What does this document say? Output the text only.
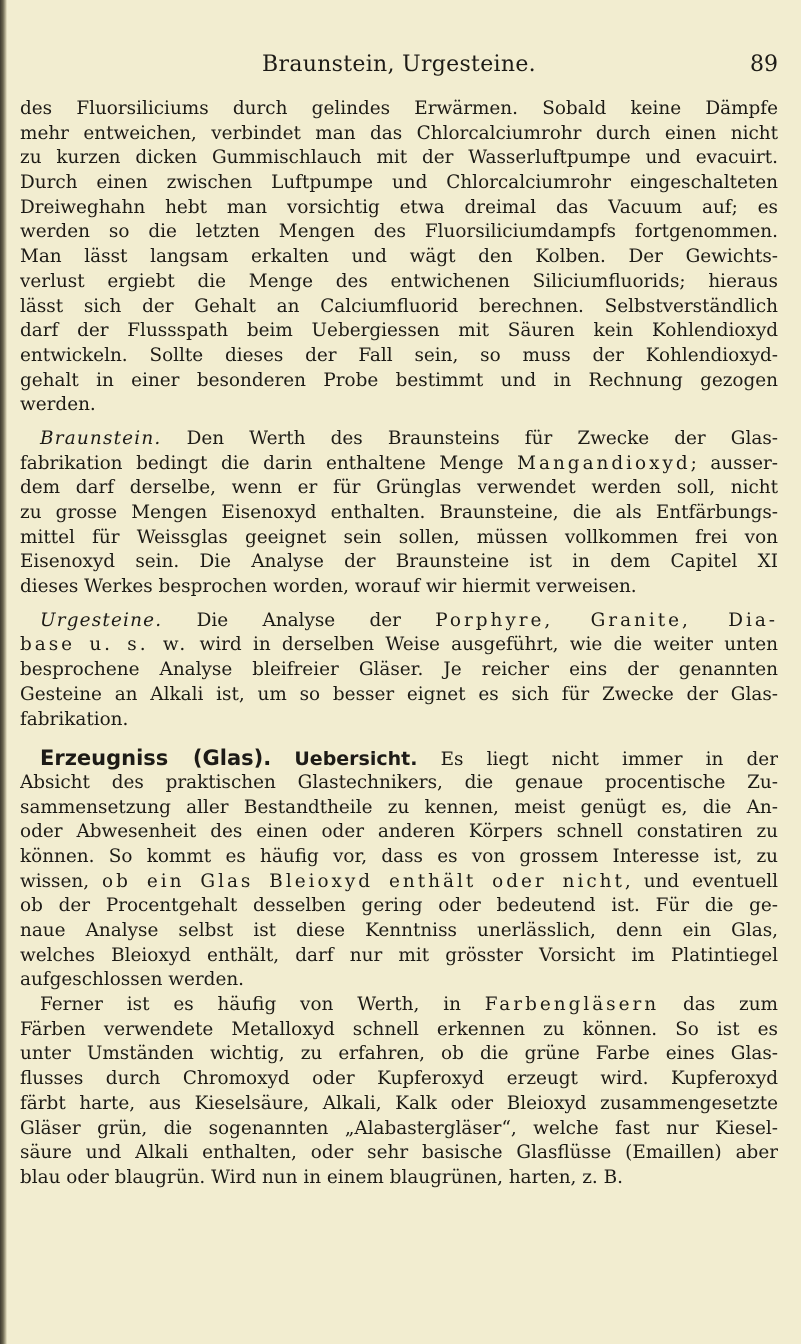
Braunstein, Urgesteine.	89
des Fluorsiliciums durch gelindes Erwärmen. Sobald keine Dämpfe
mehr entweichen, verbindet man das Chlorcalciumrohr durch einen nicht
zu kurzen dicken Gummischlauch mit der Wasserluftpumpe und evacuirt.
Durch einen zwischen Luftpumpe und Chlorcalciumrohr eingeschalteten
Dreiweghahn hebt man vorsichtig etwa dreimal das Vacuum auf; es
werden so die letzten Mengen des Fluorsiliciumdampfs fortgenommen.
Man lässt langsam erkalten und wägt den Kolben. Der Gewichts-
verlust ergiebt die Menge des entwichenen Siliciumfluorids; hieraus
lässt sich der Gehalt an Calciumfluorid berechnen. Selbstverständlich
darf der Flussspath beim Uebergiessen mit Säuren kein Kohlendioxyd
entwickeln. Sollte dieses der Fall sein, so muss der Kohlendioxyd-
gehalt in einer besonderen Probe bestimmt und in Rechnung gezogen
werden.
Braunstein. Den Werth des Braunsteins für Zwecke der Glas-
fabrikation bedingt die darin enthaltene Menge Mangandioxyd; ausser-
dem darf derselbe, wenn er für Grünglas verwendet werden soll, nicht
zu grosse Mengen Eisenoxyd enthalten. Braunsteine, die als Entfärbungs-
mittel für Weissglas geeignet sein sollen, müssen vollkommen frei von
Eisenoxyd sein. Die Analyse der Braunsteine ist in dem Capitel XI
dieses Werkes besprochen worden, worauf wir hiermit verweisen.
Urgesteine. Die Analyse der Porphyre, Granite, Dia-
base u. s. w. wird in derselben Weise ausgeführt, wie die weiter unten
besprochene Analyse bleifreier Gläser. Je reicher eins der genannten
Gesteine an Alkali ist, um so besser eignet es sich für Zwecke der Glas-
fabrikation.
Erzeugniss (Glas). Uebersicht. Es liegt nicht immer in der
Absicht des praktischen Glastechnikers, die genaue procentische Zu-
sammensetzung aller Bestandtheile zu kennen, meist genügt es, die An-
oder Abwesenheit des einen oder anderen Körpers schnell constatiren zu
können. So kommt es häufig vor, dass es von grossem Interesse ist, zu
wissen, ob ein Glas Bleioxyd enthält oder nicht, und eventuell
ob der Procentgehalt desselben gering oder bedeutend ist. Für die ge-
naue Analyse selbst ist diese Kenntniss unerlässlich, denn ein Glas,
welches Bleioxyd enthält, darf nur mit grösster Vorsicht im Platintiegel
aufgeschlossen werden.
Ferner ist es häufig von Werth, in Farbengläsern das zum
Färben verwendete Metalloxyd schnell erkennen zu können. So ist es
unter Umständen wichtig, zu erfahren, ob die grüne Farbe eines Glas-
flusses durch Chromoxyd oder Kupferoxyd erzeugt wird. Kupferoxyd
färbt harte, aus Kieselsäure, Alkali, Kalk oder Bleioxyd zusammengesetzte
Gläser grün, die sogenannten „Alabastergläser“, welche fast nur Kiesel-
säure und Alkali enthalten, oder sehr basische Glasflüsse (Emaillen) aber
blau oder blaugrün. Wird nun in einem blaugrünen, harten, z. B.
